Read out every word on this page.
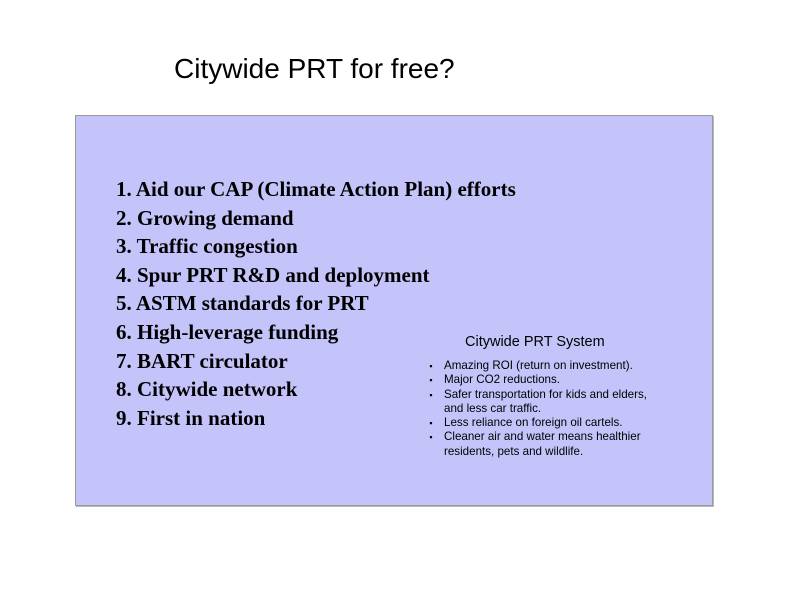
Citywide PRT for free?
1. Aid our CAP (Climate Action Plan) efforts
2. Growing demand
3. Traffic congestion
4. Spur PRT R&D and deployment
5. ASTM standards for PRT
6. High-leverage funding
7. BART circulator
8. Citywide network
9. First in nation
Citywide PRT System
▪ Amazing ROI (return on investment).
▪ Major CO2 reductions.
▪ Safer transportation for kids and elders, and less car traffic.
▪ Less reliance on foreign oil cartels.
▪ Cleaner air and water means healthier residents, pets and wildlife.
